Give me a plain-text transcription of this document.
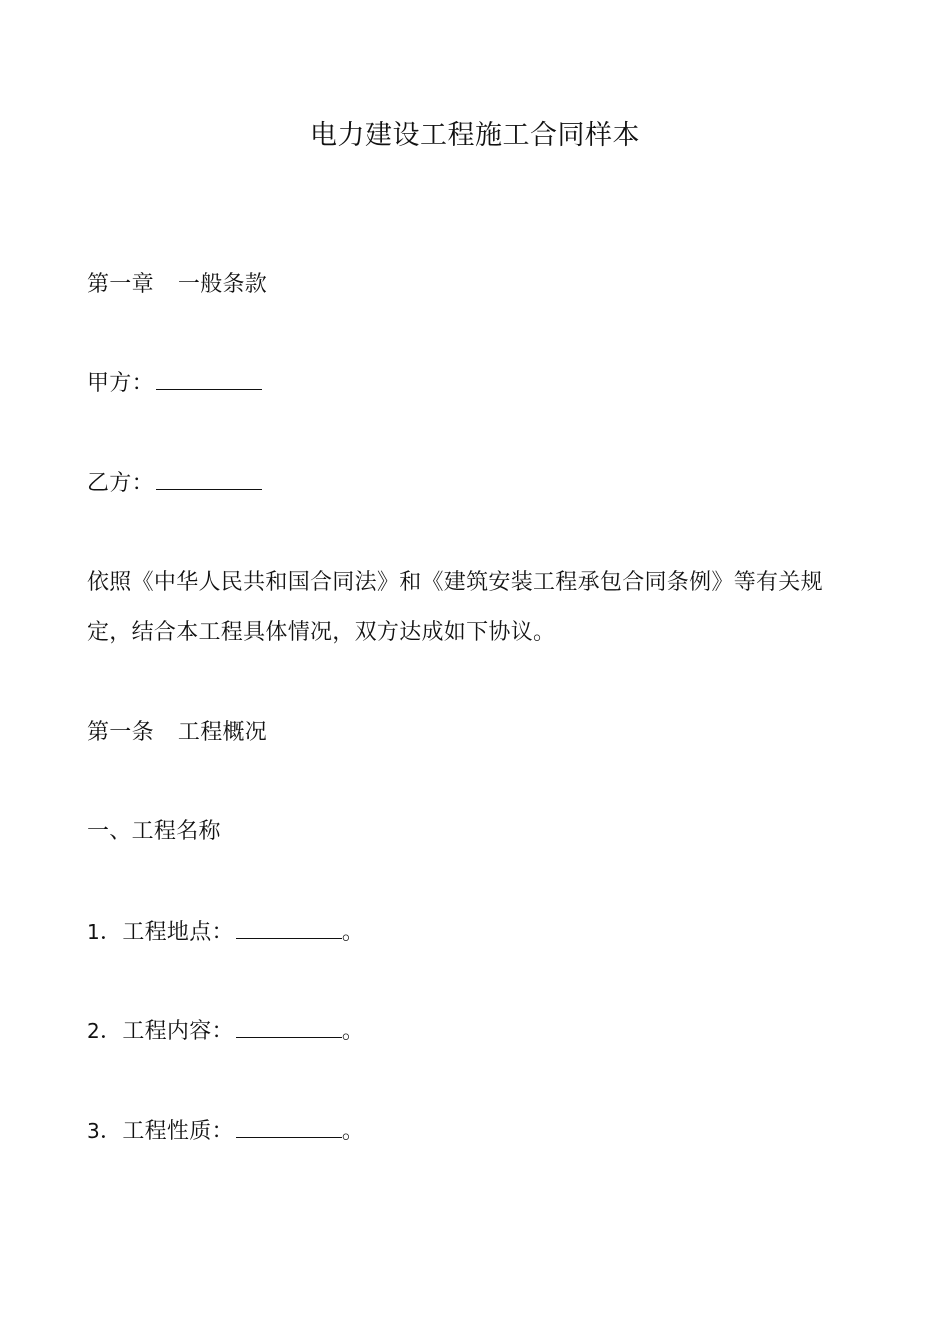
电力建设工程施工合同样本
第一章 一般条款
甲方：
乙方：
依照《中华人民共和国合同法》和《建筑安装工程承包合同条例》等有关规定，结合本工程具体情况，双方达成如下协议。
第一条 工程概况
一、工程名称
1．工程地点：	。
2．工程内容：	。
3．工程性质：	。
